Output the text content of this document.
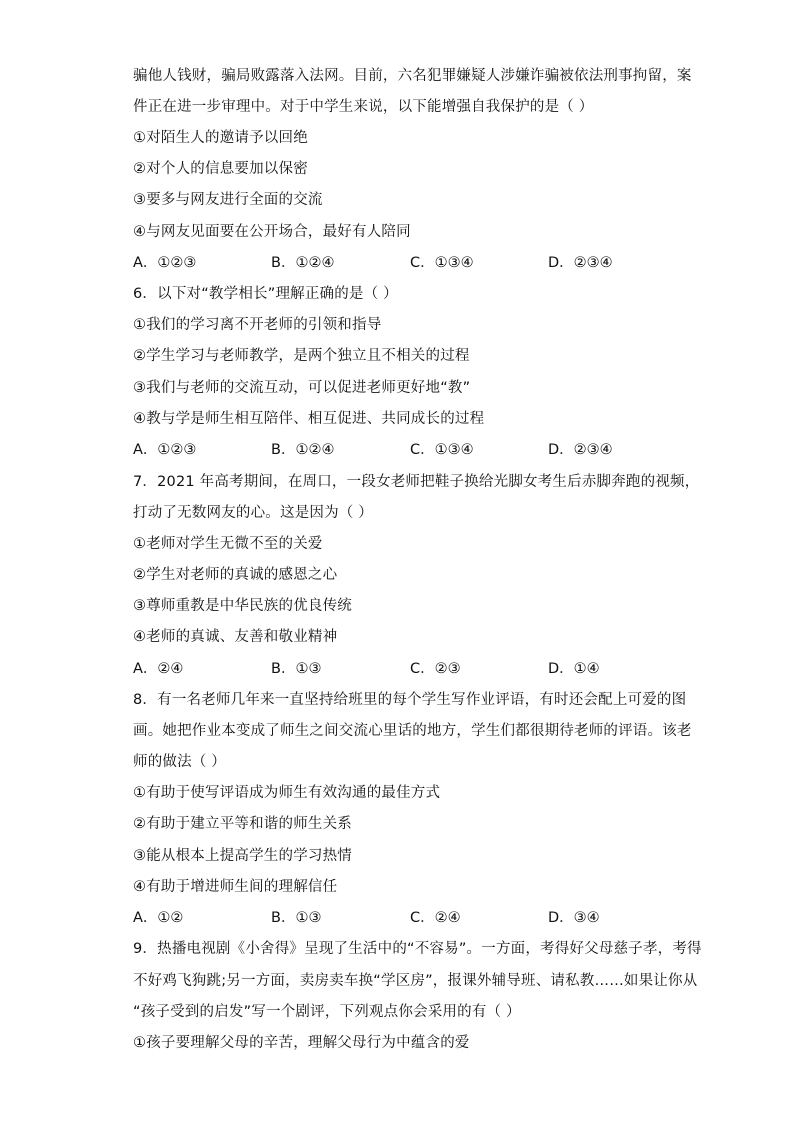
骗他人钱财，骗局败露落入法网。目前，六名犯罪嫌疑人涉嫌诈骗被依法刑事拘留，案
件正在进一步审理中。对于中学生来说，以下能增强自我保护的是（ ）
①对陌生人的邀请予以回绝
②对个人的信息要加以保密
③要多与网友进行全面的交流
④与网友见面要在公开场合，最好有人陪同
A．①②③	B．①②④	C．①③④	D．②③④
6．以下对“教学相长”理解正确的是（ ）
①我们的学习离不开老师的引领和指导
②学生学习与老师教学，是两个独立且不相关的过程
③我们与老师的交流互动，可以促进老师更好地“教”
④教与学是师生相互陪伴、相互促进、共同成长的过程
A．①②③	B．①②④	C．①③④	D．②③④
7．2021 年高考期间，在周口，一段女老师把鞋子换给光脚女考生后赤脚奔跑的视频，
打动了无数网友的心。这是因为（ ）
①老师对学生无微不至的关爱
②学生对老师的真诚的感恩之心
③尊师重教是中华民族的优良传统
④老师的真诚、友善和敬业精神
A．②④	B．①③	C．②③	D．①④
8．有一名老师几年来一直坚持给班里的每个学生写作业评语，有时还会配上可爱的图
画。她把作业本变成了师生之间交流心里话的地方，学生们都很期待老师的评语。该老
师的做法（ ）
①有助于使写评语成为师生有效沟通的最佳方式
②有助于建立平等和谐的师生关系
③能从根本上提高学生的学习热情
④有助于增进师生间的理解信任
A．①②	B．①③	C．②④	D．③④
9．热播电视剧《小舍得》呈现了生活中的“不容易”。一方面，考得好父母慈子孝，考得
不好鸡飞狗跳;另一方面，卖房卖车换“学区房”，报课外辅导班、请私教……如果让你从
“孩子受到的启发”写一个剧评，下列观点你会采用的有（ ）
①孩子要理解父母的辛苦，理解父母行为中蕴含的爱
